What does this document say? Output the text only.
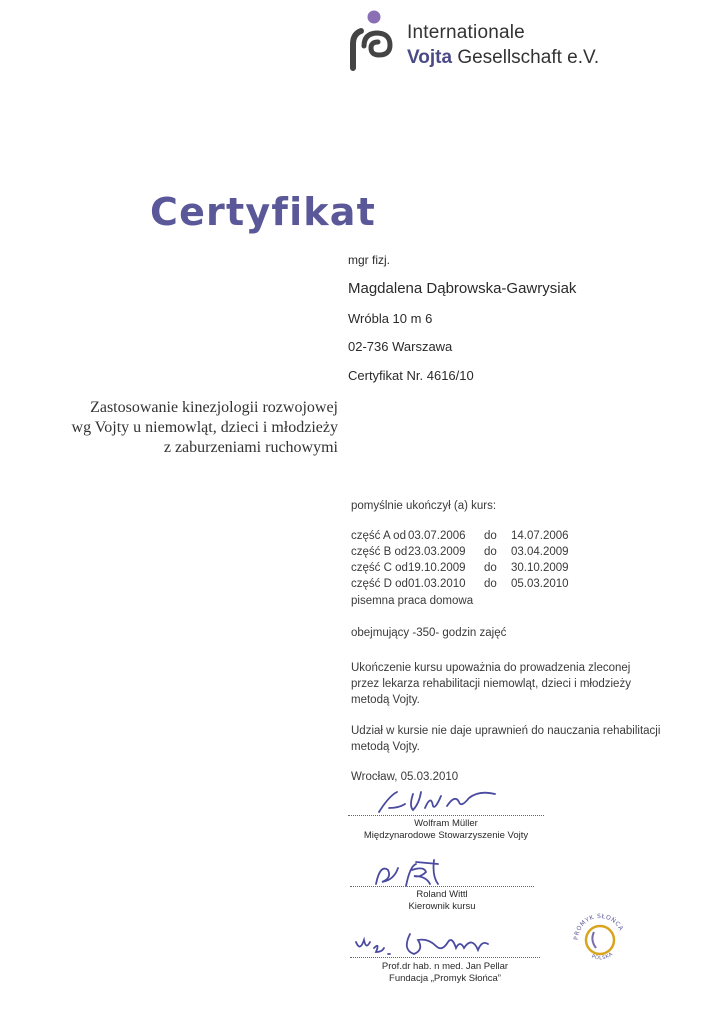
Internationale
Vojta Gesellschaft e.V.
Certyfikat
mgr fizj.
Magdalena Dąbrowska-Gawrysiak
Wróbla 10 m 6
02-736 Warszawa
Certyfikat Nr. 4616/10
Zastosowanie kinezjologii rozwojowej
wg Vojty u niemowląt, dzieci i młodzieży
z zaburzeniami ruchowymi
pomyślnie ukończył (a) kurs:
część A od 03.07.2006 do 14.07.2006
część B od 23.03.2009 do 03.04.2009
część C od 19.10.2009 do 30.10.2009
część D od 01.03.2010 do 05.03.2010
pisemna praca domowa
obejmujący -350- godzin zajęć
Ukończenie kursu upoważnia do prowadzenia zleconej
przez lekarza rehabilitacji niemowląt, dzieci i młodzieży
metodą Vojty.
Udział w kursie nie daje uprawnień do nauczania rehabilitacji
metodą Vojty.
Wrocław, 05.03.2010
Wolfram Müller
Międzynarodowe Stowarzyszenie Vojty
Roland Wittl
Kierownik kursu
Prof.dr hab. n med. Jan Pellar
Fundacja „Promyk Słońca”
PROMYK SŁOŃCA
POLSKA
